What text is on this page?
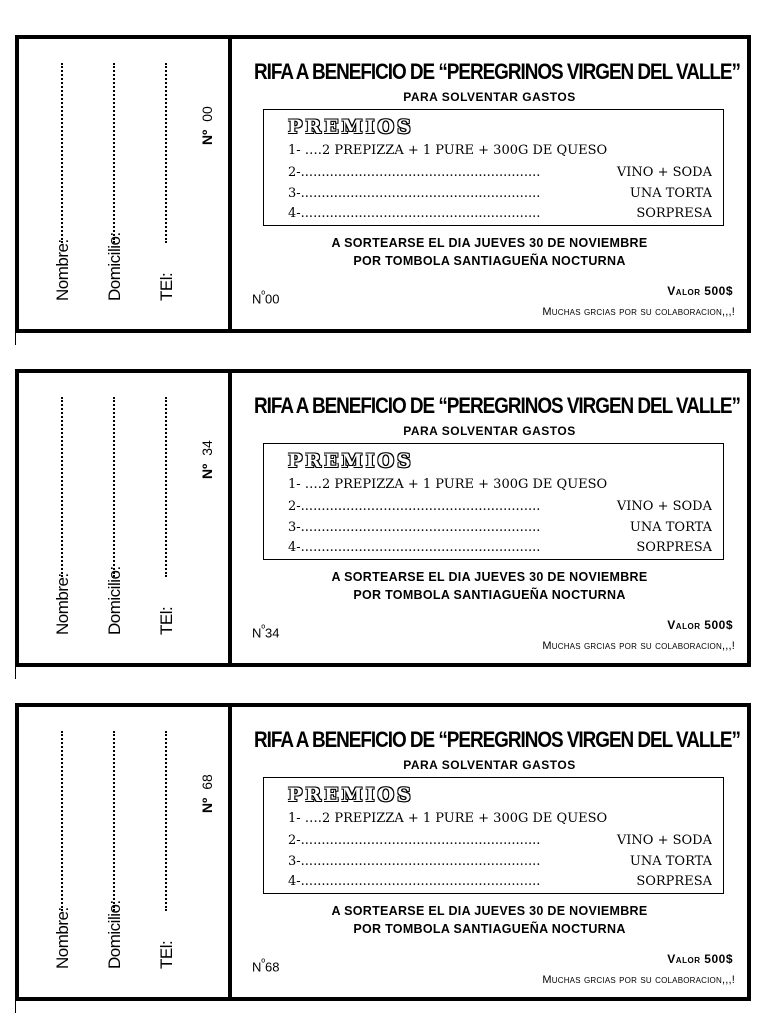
Nombre: Domicilio: TEl:
Nº00
RIFA A BENEFICIO DE “PEREGRINOS VIRGEN DEL VALLE”
PARA SOLVENTAR GASTOS
PREMIOS
1- ….2 PREPIZZA + 1 PURE + 300G DE QUESO
2-..........................................................	VINO + SODA
3-..........................................................	UNA TORTA
4-..........................................................	SORPRESA
A SORTEARSE EL DIA JUEVES 30 DE NOVIEMBRE
POR TOMBOLA SANTIAGUEÑA NOCTURNA
$N^º00$
Valor 500$
Muchas grcias por su colaboracion,,,!
Nombre: Domicilio: TEl:
Nº34
RIFA A BENEFICIO DE “PEREGRINOS VIRGEN DEL VALLE”
PARA SOLVENTAR GASTOS
PREMIOS
1- ….2 PREPIZZA + 1 PURE + 300G DE QUESO
2-..........................................................	VINO + SODA
3-..........................................................	UNA TORTA
4-..........................................................	SORPRESA
A SORTEARSE EL DIA JUEVES 30 DE NOVIEMBRE
POR TOMBOLA SANTIAGUEÑA NOCTURNA
$N^º34$
Valor 500$
Muchas grcias por su colaboracion,,,!
Nombre: Domicilio: TEl:
Nº68
RIFA A BENEFICIO DE “PEREGRINOS VIRGEN DEL VALLE”
PARA SOLVENTAR GASTOS
PREMIOS
1- ….2 PREPIZZA + 1 PURE + 300G DE QUESO
2-..........................................................	VINO + SODA
3-..........................................................	UNA TORTA
4-..........................................................	SORPRESA
A SORTEARSE EL DIA JUEVES 30 DE NOVIEMBRE
POR TOMBOLA SANTIAGUEÑA NOCTURNA
$N^º68$
Valor 500$
Muchas grcias por su colaboracion,,,!
